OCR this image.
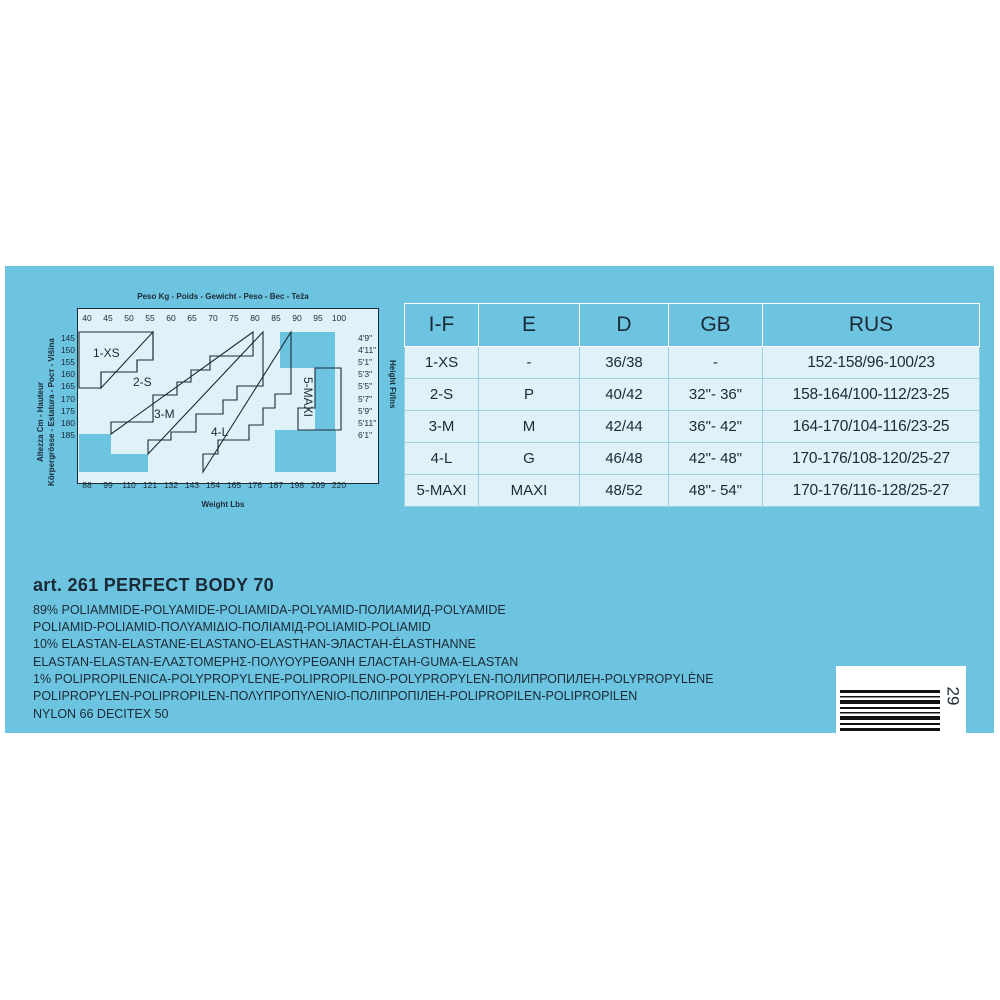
Peso Kg - Poids - Gewicht - Peso - Bec - Teža
Weight Lbs
Altezza Cm - Hauteur Körpergrösse - Estatura - Pocт - Višina	Height Ft/Ins
1-XS
2-S
3-M
4-L
5-MAXI
40	45	50	55	60	65	70	75	80	85	90	95	100
88	99	110 121 132 143 154 165 176 187 198 209 220
145
150
155
160
165
170
175
180
185
4'9"
4'11"
5'1"
5'3"
5'5"
5'7"
5'9"
5'11"
6'1"
I-F	E	D	GB	RUS
1-XS	-	36/38	-	152-158/96-100/23
2-S	P	40/42	32"- 36"	158-164/100-112/23-25
3-M	M	42/44	36"- 42"	164-170/104-116/23-25
4-L	G	46/48	42"- 48"	170-176/108-120/25-27
5-MAXI	MAXI	48/52	48"- 54"	170-176/116-128/25-27
art. 261 PERFECT BODY 70
89% POLIAMMIDE-POLYAMIDE-POLIAMIDA-POLYAMID-ПОЛИАМИД-POLYAMIDE
POLIAMID-POLIAMID-ΠΟΛΥΑΜΙΔΙΟ-ПОЛІАМІД-POLIAMID-POLIAMID
10% ELASTAN-ELASTANE-ELASTANO-ELASTHAN-ЭЛАСТАН-ÉLASTHANNE
ELASTAN-ELASTAN-ΕΛΑΣΤΟΜΕΡΗΣ-ΠΟΛΥΟΥΡΕΘΑΝΗ ЕЛАСТАН-GUMA-ELASTAN
1% POLIPROPILENICA-POLYPROPYLENE-POLIPROPILENO-POLYPROPYLEN-ПОЛИПРОПИЛЕН-POLYPROPYLÈNE
POLIPROPYLEN-POLIPROPILEN-ΠΟΛΥΠΡΟΠΥΛΕΝΙΟ-ПОЛІПРОПІЛЕН-POLIPROPILEN-POLIPROPILEN
NYLON 66 DECITEX 50
29
